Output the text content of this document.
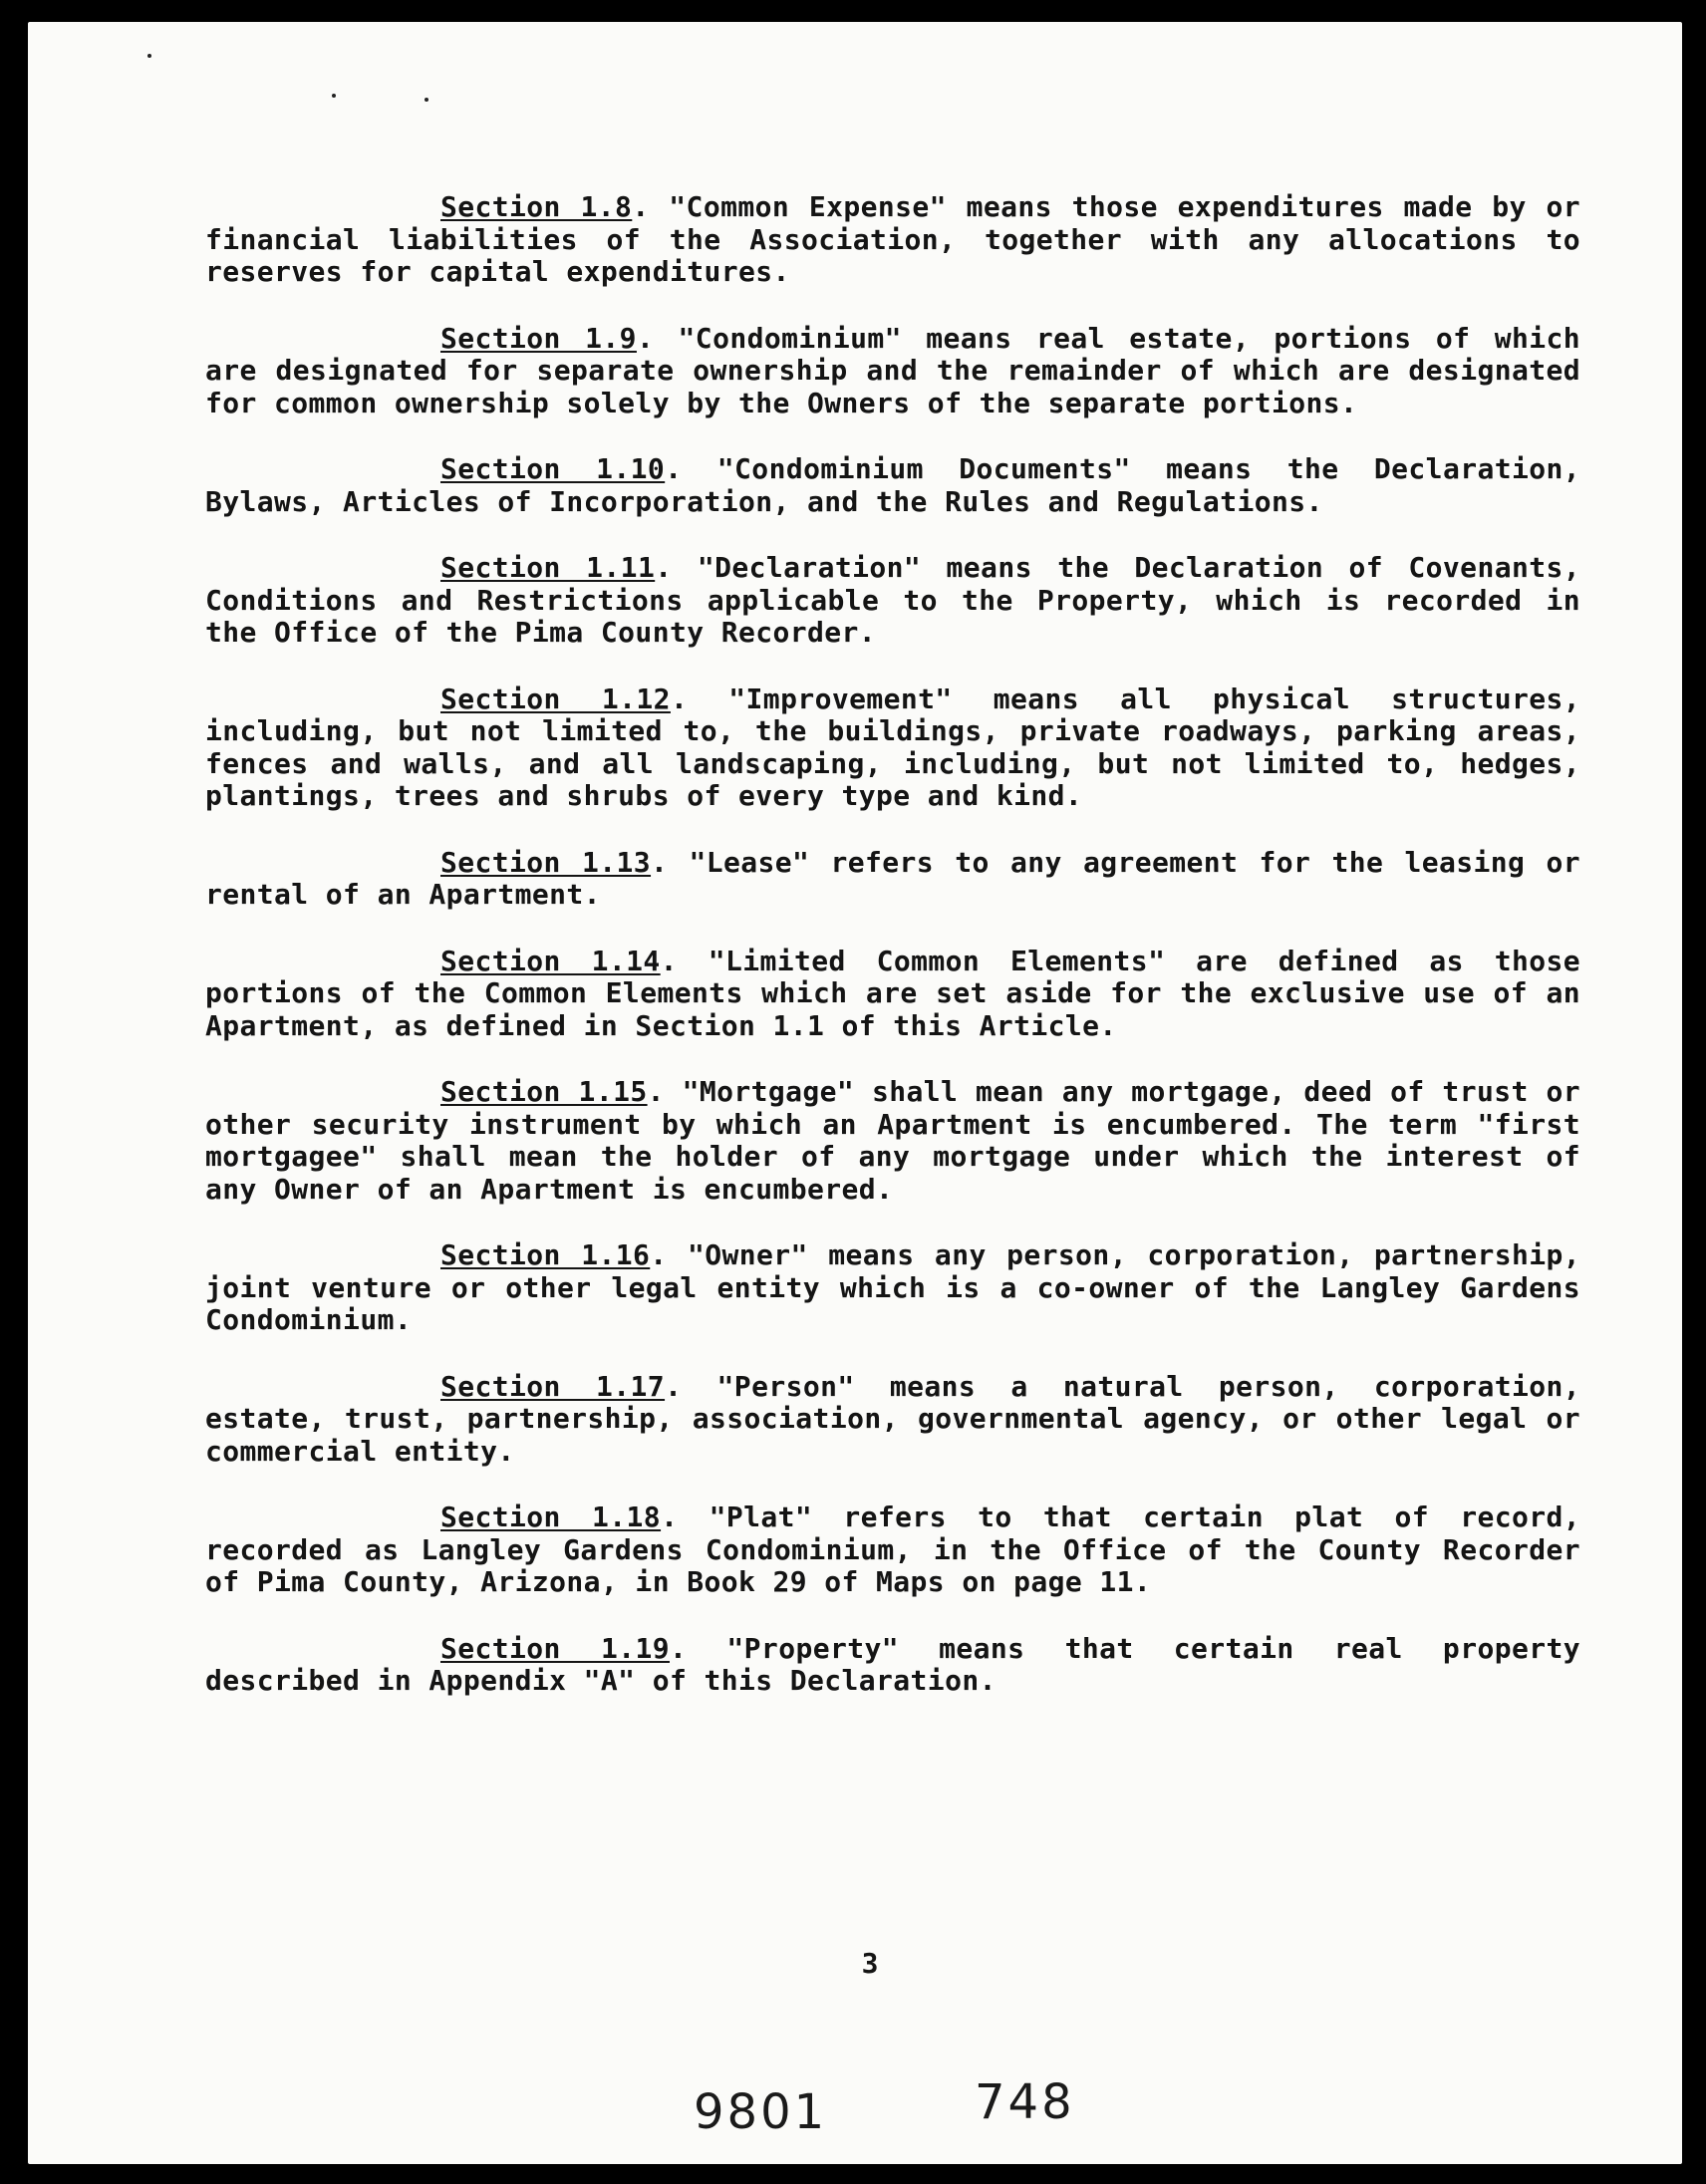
Section 1.8. "Common Expense" means those expenditures made by or financial liabilities of the Association, together with any allocations to reserves for capital expenditures.

Section 1.9. "Condominium" means real estate, portions of which are designated for separate ownership and the remainder of which are designated for common ownership solely by the Owners of the separate portions.

Section 1.10. "Condominium Documents" means the Declaration, Bylaws, Articles of Incorporation, and the Rules and Regulations.

Section 1.11. "Declaration" means the Declaration of Covenants, Conditions and Restrictions applicable to the Property, which is recorded in the Office of the Pima County Recorder.

Section 1.12. "Improvement" means all physical structures, including, but not limited to, the buildings, private roadways, parking areas, fences and walls, and all landscaping, including, but not limited to, hedges, plantings, trees and shrubs of every type and kind.

Section 1.13. "Lease" refers to any agreement for the leasing or rental of an Apartment.

Section 1.14. "Limited Common Elements" are defined as those portions of the Common Elements which are set aside for the exclusive use of an Apartment, as defined in Section 1.1 of this Article.

Section 1.15. "Mortgage" shall mean any mortgage, deed of trust or other security instrument by which an Apartment is encumbered. The term "first mortgagee" shall mean the holder of any mortgage under which the interest of any Owner of an Apartment is encumbered.

Section 1.16. "Owner" means any person, corporation, partnership, joint venture or other legal entity which is a co-owner of the Langley Gardens Condominium.

Section 1.17. "Person" means a natural person, corporation, estate, trust, partnership, association, governmental agency, or other legal or commercial entity.

Section 1.18. "Plat" refers to that certain plat of record, recorded as Langley Gardens Condominium, in the Office of the County Recorder of Pima County, Arizona, in Book 29 of Maps on page 11.

Section 1.19. "Property" means that certain real property described in Appendix "A" of this Declaration.

3
9801	748
